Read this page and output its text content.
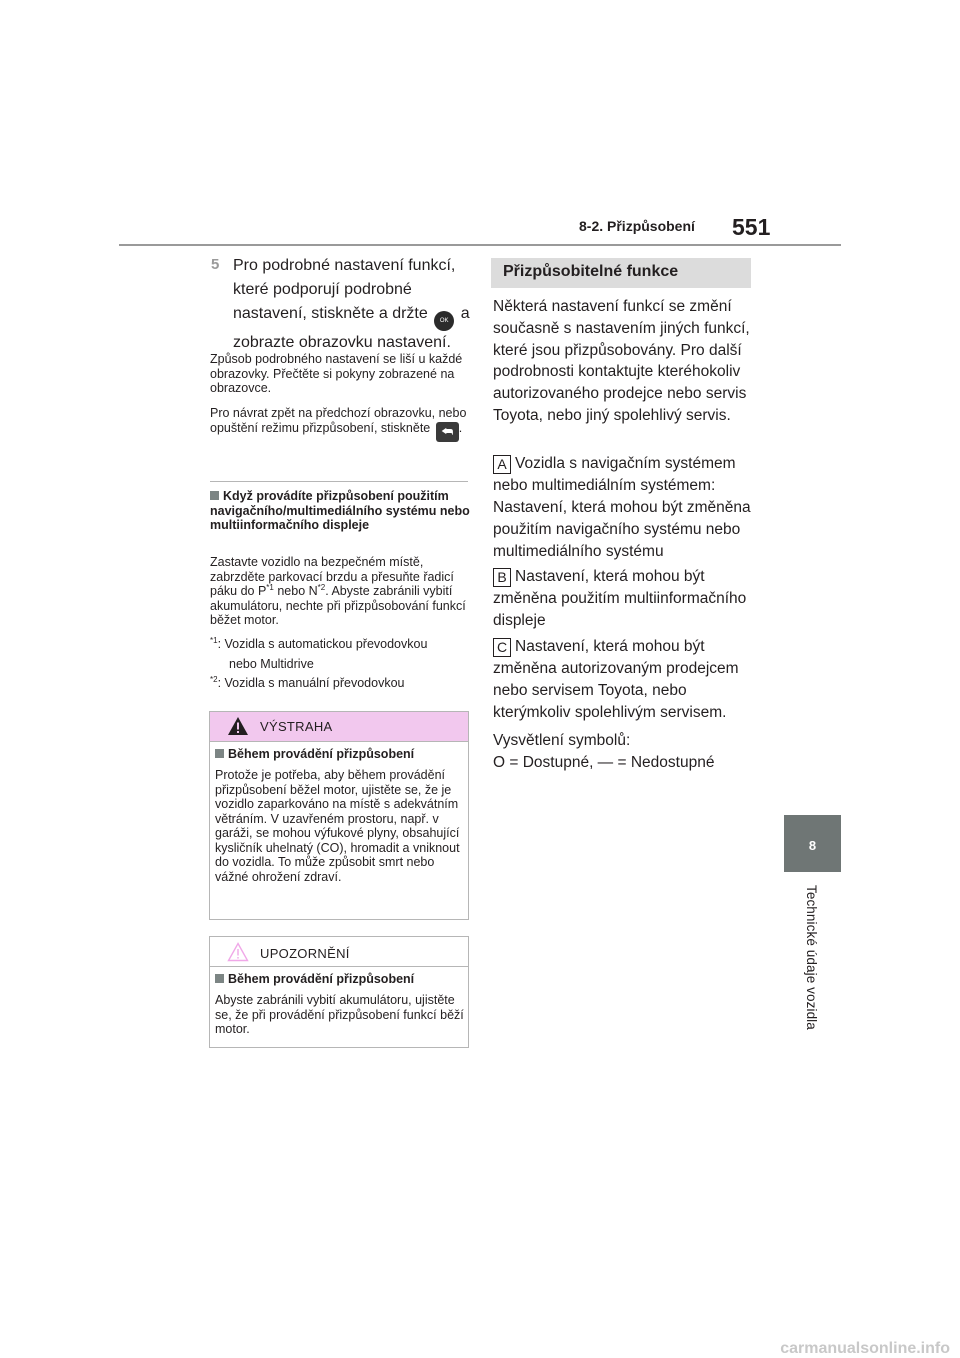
8-2. Přizpůsobení 551
8
Technické údaje vozidla
5 Pro podrobné nastavení funkcí, které podporují podrobné nastavení, stiskněte a držte OK a zobrazte obrazovku nastavení.
Způsob podrobného nastavení se liší u každé obrazovky. Přečtěte si pokyny zobrazené na obrazovce.
Pro návrat zpět na předchozí obrazovku, nebo opuštění režimu přizpůsobení, stiskněte ⮪ .
Když provádíte přizpůsobení použitím navigačního/multimediálního systému nebo multiinformačního displeje
Zastavte vozidlo na bezpečném místě, zabrzděte parkovací brzdu a přesuňte řadicí páku do $P^{*1}$ nebo $N^{*2}$. Abyste zabránili vybití akumulátoru, nechte při přizpůsobování funkcí běžet motor.
$^{*1}$: Vozidla s automatickou převodovkou
nebo Multidrive
$^{*2}$: Vozidla s manuální převodovkou
VÝSTRAHA
Během provádění přizpůsobení
Protože je potřeba, aby během provádění přizpůsobení běžel motor, ujistěte se, že je vozidlo zaparkováno na místě s adekvátním větráním. V uzavřeném prostoru, např. v garáži, se mohou výfukové plyny, obsahující kysličník uhelnatý (CO), hromadit a vniknout do vozidla. To může způsobit smrt nebo vážné ohrožení zdraví.
UPOZORNĚNÍ
Během provádění přizpůsobení
Abyste zabránili vybití akumulátoru, ujistěte se, že při provádění přizpůsobení funkcí běží motor.
Přizpůsobitelné funkce
Některá nastavení funkcí se změní současně s nastavením jiných funkcí, které jsou přizpůsobovány. Pro další podrobnosti kontaktujte kteréhokoliv autorizovaného prodejce nebo servis Toyota, nebo jiný spolehlivý servis.
A Vozidla s navigačním systémem nebo multimediálním systémem: Nastavení, která mohou být změněna použitím navigačního systému nebo multimediálního systému
B Nastavení, která mohou být změněna použitím multiinformačního displeje
C Nastavení, která mohou být změněna autorizovaným prodejcem nebo servisem Toyota, nebo kterýmkoliv spolehlivým servisem.
Vysvětlení symbolů:
O = Dostupné, — = Nedostupné
carmanualsonline.info
